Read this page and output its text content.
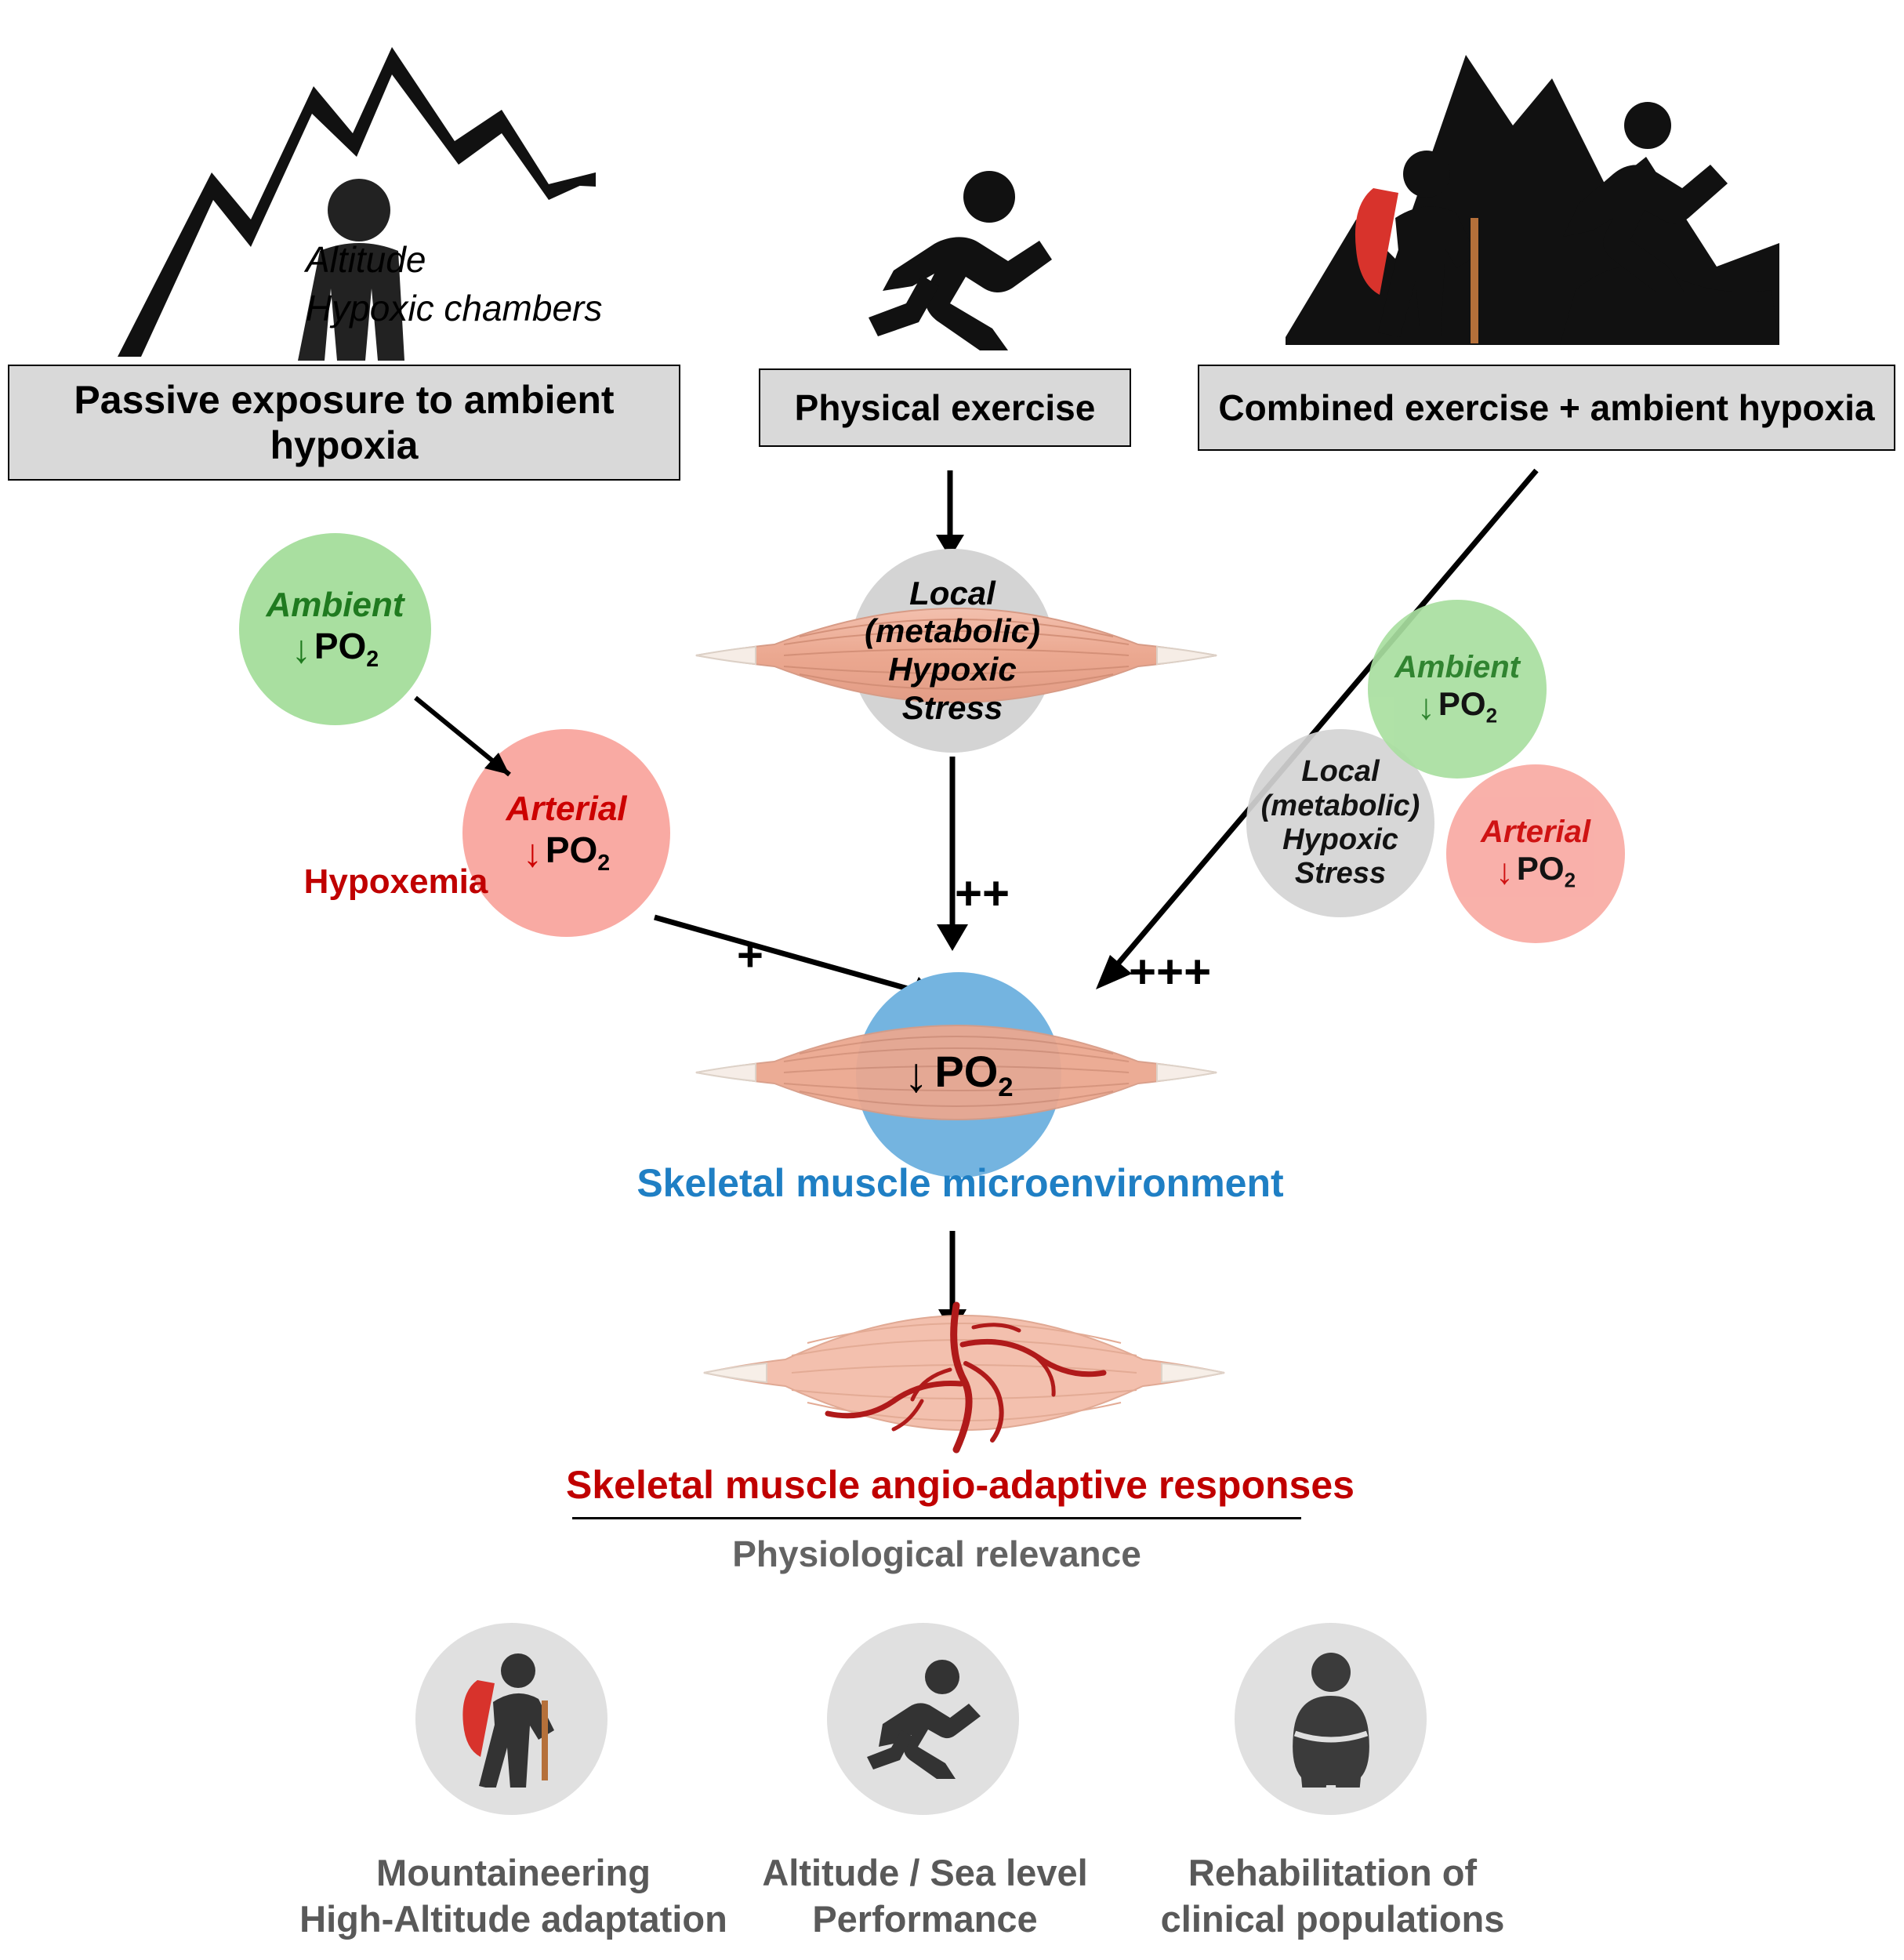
Altitude
Hypoxic chambers
Passive exposure to ambient hypoxia
Physical exercise	Combined exercise + ambient hypoxia
Ambient
↓ $PO_2$
Arterial
↓ $PO_2$
Hypoxemia
+
Local
(metabolic)
Hypoxic
Stress
++
↓ $PO_2$
Skeletal muscle microenvironment
Skeletal muscle angio-adaptive responses
Physiological relevance
+++
Ambient
↓ $PO_2$
Arterial
↓ $PO_2$
Local
(metabolic)
Hypoxic
Stress
Mountaineering
High-Altitude adaptation
Altitude / Sea level
Performance
Rehabilitation of
clinical populations
